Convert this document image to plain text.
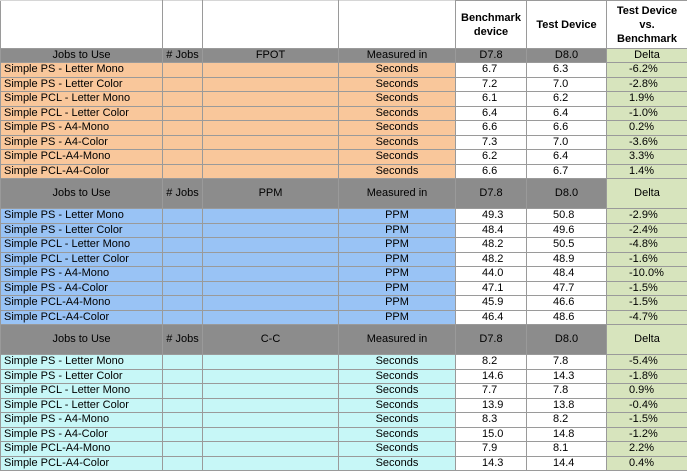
				Benchmark device	Test Device	Test Device vs. Benchmark
Jobs to Use	# Jobs	FPOT	Measured in	D7.8	D8.0	Delta
Simple PS - Letter Mono			Seconds	6.7	6.3	-6.2%
Simple PS - Letter Color			Seconds	7.2	7.0	-2.8%
Simple PCL - Letter Mono			Seconds	6.1	6.2	1.9%
Simple PCL - Letter Color			Seconds	6.4	6.4	-1.0%
Simple PS - A4-Mono			Seconds	6.6	6.6	0.2%
Simple PS - A4-Color			Seconds	7.3	7.0	-3.6%
Simple PCL-A4-Mono			Seconds	6.2	6.4	3.3%
Simple PCL-A4-Color			Seconds	6.6	6.7	1.4%
Jobs to Use	# Jobs	PPM	Measured in	D7.8	D8.0	Delta
Simple PS - Letter Mono			PPM	49.3	50.8	-2.9%
Simple PS - Letter Color			PPM	48.4	49.6	-2.4%
Simple PCL - Letter Mono			PPM	48.2	50.5	-4.8%
Simple PCL - Letter Color			PPM	48.2	48.9	-1.6%
Simple PS - A4-Mono			PPM	44.0	48.4	-10.0%
Simple PS - A4-Color			PPM	47.1	47.7	-1.5%
Simple PCL-A4-Mono			PPM	45.9	46.6	-1.5%
Simple PCL-A4-Color			PPM	46.4	48.6	-4.7%
Jobs to Use	# Jobs	C-C	Measured in	D7.8	D8.0	Delta
Simple PS - Letter Mono			Seconds	8.2	7.8	-5.4%
Simple PS - Letter Color			Seconds	14.6	14.3	-1.8%
Simple PCL - Letter Mono			Seconds	7.7	7.8	0.9%
Simple PCL - Letter Color			Seconds	13.9	13.8	-0.4%
Simple PS - A4-Mono			Seconds	8.3	8.2	-1.5%
Simple PS - A4-Color			Seconds	15.0	14.8	-1.2%
Simple PCL-A4-Mono			Seconds	7.9	8.1	2.2%
Simple PCL-A4-Color			Seconds	14.3	14.4	0.4%
